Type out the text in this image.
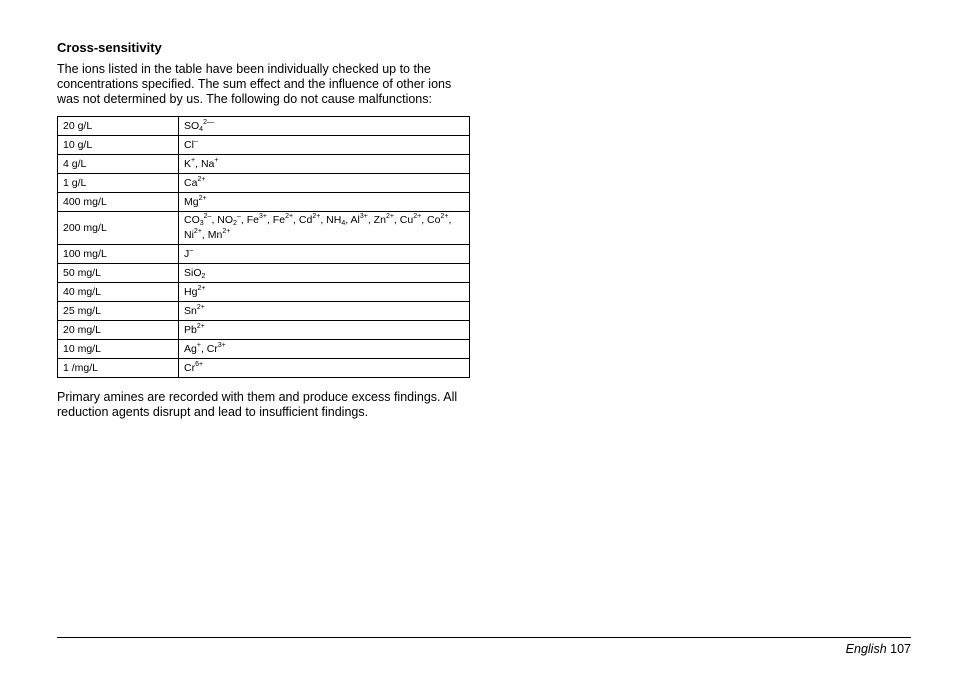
Cross-sensitivity

The ions listed in the table have been individually checked up to the concentrations specified. The sum effect and the influence of other ions was not determined by us. The following do not cause malfunctions:

20 g/L	$SO_4^{2—}$
10 g/L	Cl–
4 g/L	K+, Na+
1 g/L	$Ca^{2+}$
400 mg/L	$Mg^{2+}$
200 mg/L	$CO_3^{2-}$, $NO_2^-$, $Fe^{3+}$, $Fe^{2+}$, $Cd^{2+}$, $NH_4$, $Al^{3+}$, $Zn^{2+}$, $Cu^{2+}$, $Co^{2+}$, $Ni^{2+}$, $Mn^{2+}$
100 mg/L	J–
50 mg/L	SiO$_2$
40 mg/L	$Hg^{2+}$
25 mg/L	$Sn^{2+}$
20 mg/L	$Pb^{2+}$
10 mg/L	Ag+, $Cr^{3+}$
1 /mg/L	$Cr^{6+}$

Primary amines are recorded with them and produce excess findings. All reduction agents disrupt and lead to insufficient findings.

English 107
